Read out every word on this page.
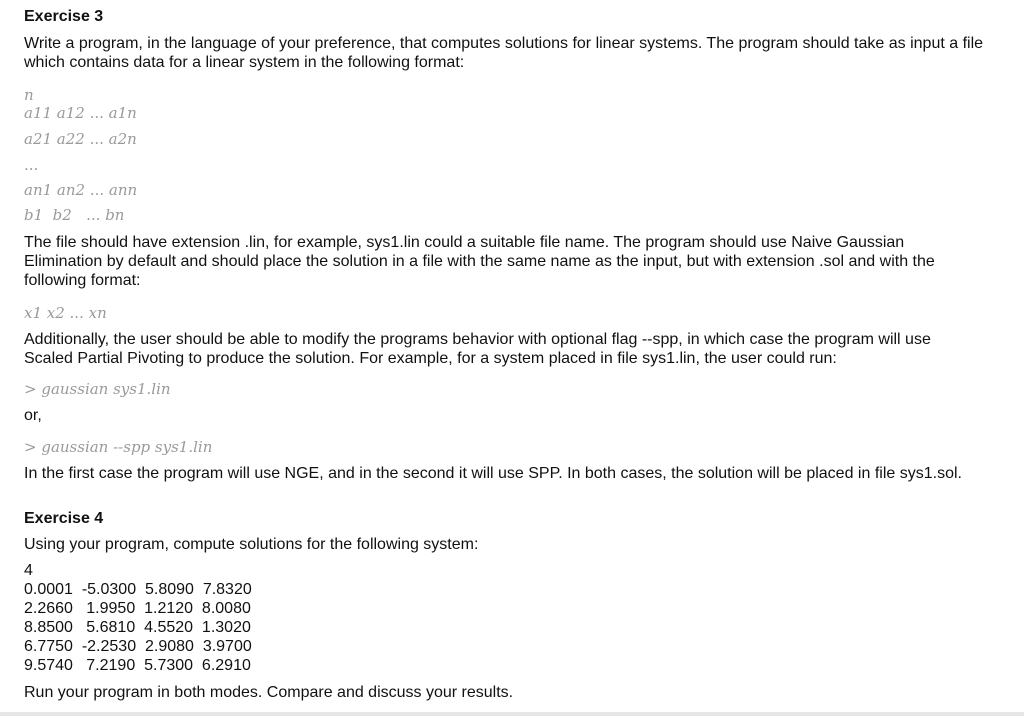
Exercise 3
Write a program, in the language of your preference, that computes solutions for linear systems. The program should take as input a file which contains data for a linear system in the following format:
n
a11 a12 ... a1n
a21 a22 ... a2n
...
an1 an2 ... ann
b1  b2   ... bn
The file should have extension .lin, for example, sys1.lin could a suitable file name. The program should use Naive Gaussian Elimination by default and should place the solution in a file with the same name as the input, but with extension .sol and with the following format:
x1 x2 ... xn
Additionally, the user should be able to modify the programs behavior with optional flag --spp, in which case the program will use Scaled Partial Pivoting to produce the solution. For example, for a system placed in file sys1.lin, the user could run:
> gaussian sys1.lin
or,
> gaussian --spp sys1.lin
In the first case the program will use NGE, and in the second it will use SPP. In both cases, the solution will be placed in file sys1.sol.
Exercise 4
Using your program, compute solutions for the following system:
4
0.0001  -5.0300  5.8090  7.8320
2.2660   1.9950  1.2120  8.0080
8.8500   5.6810  4.5520  1.3020
6.7750  -2.2530  2.9080  3.9700
9.5740   7.2190  5.7300  6.2910
Run your program in both modes. Compare and discuss your results.
